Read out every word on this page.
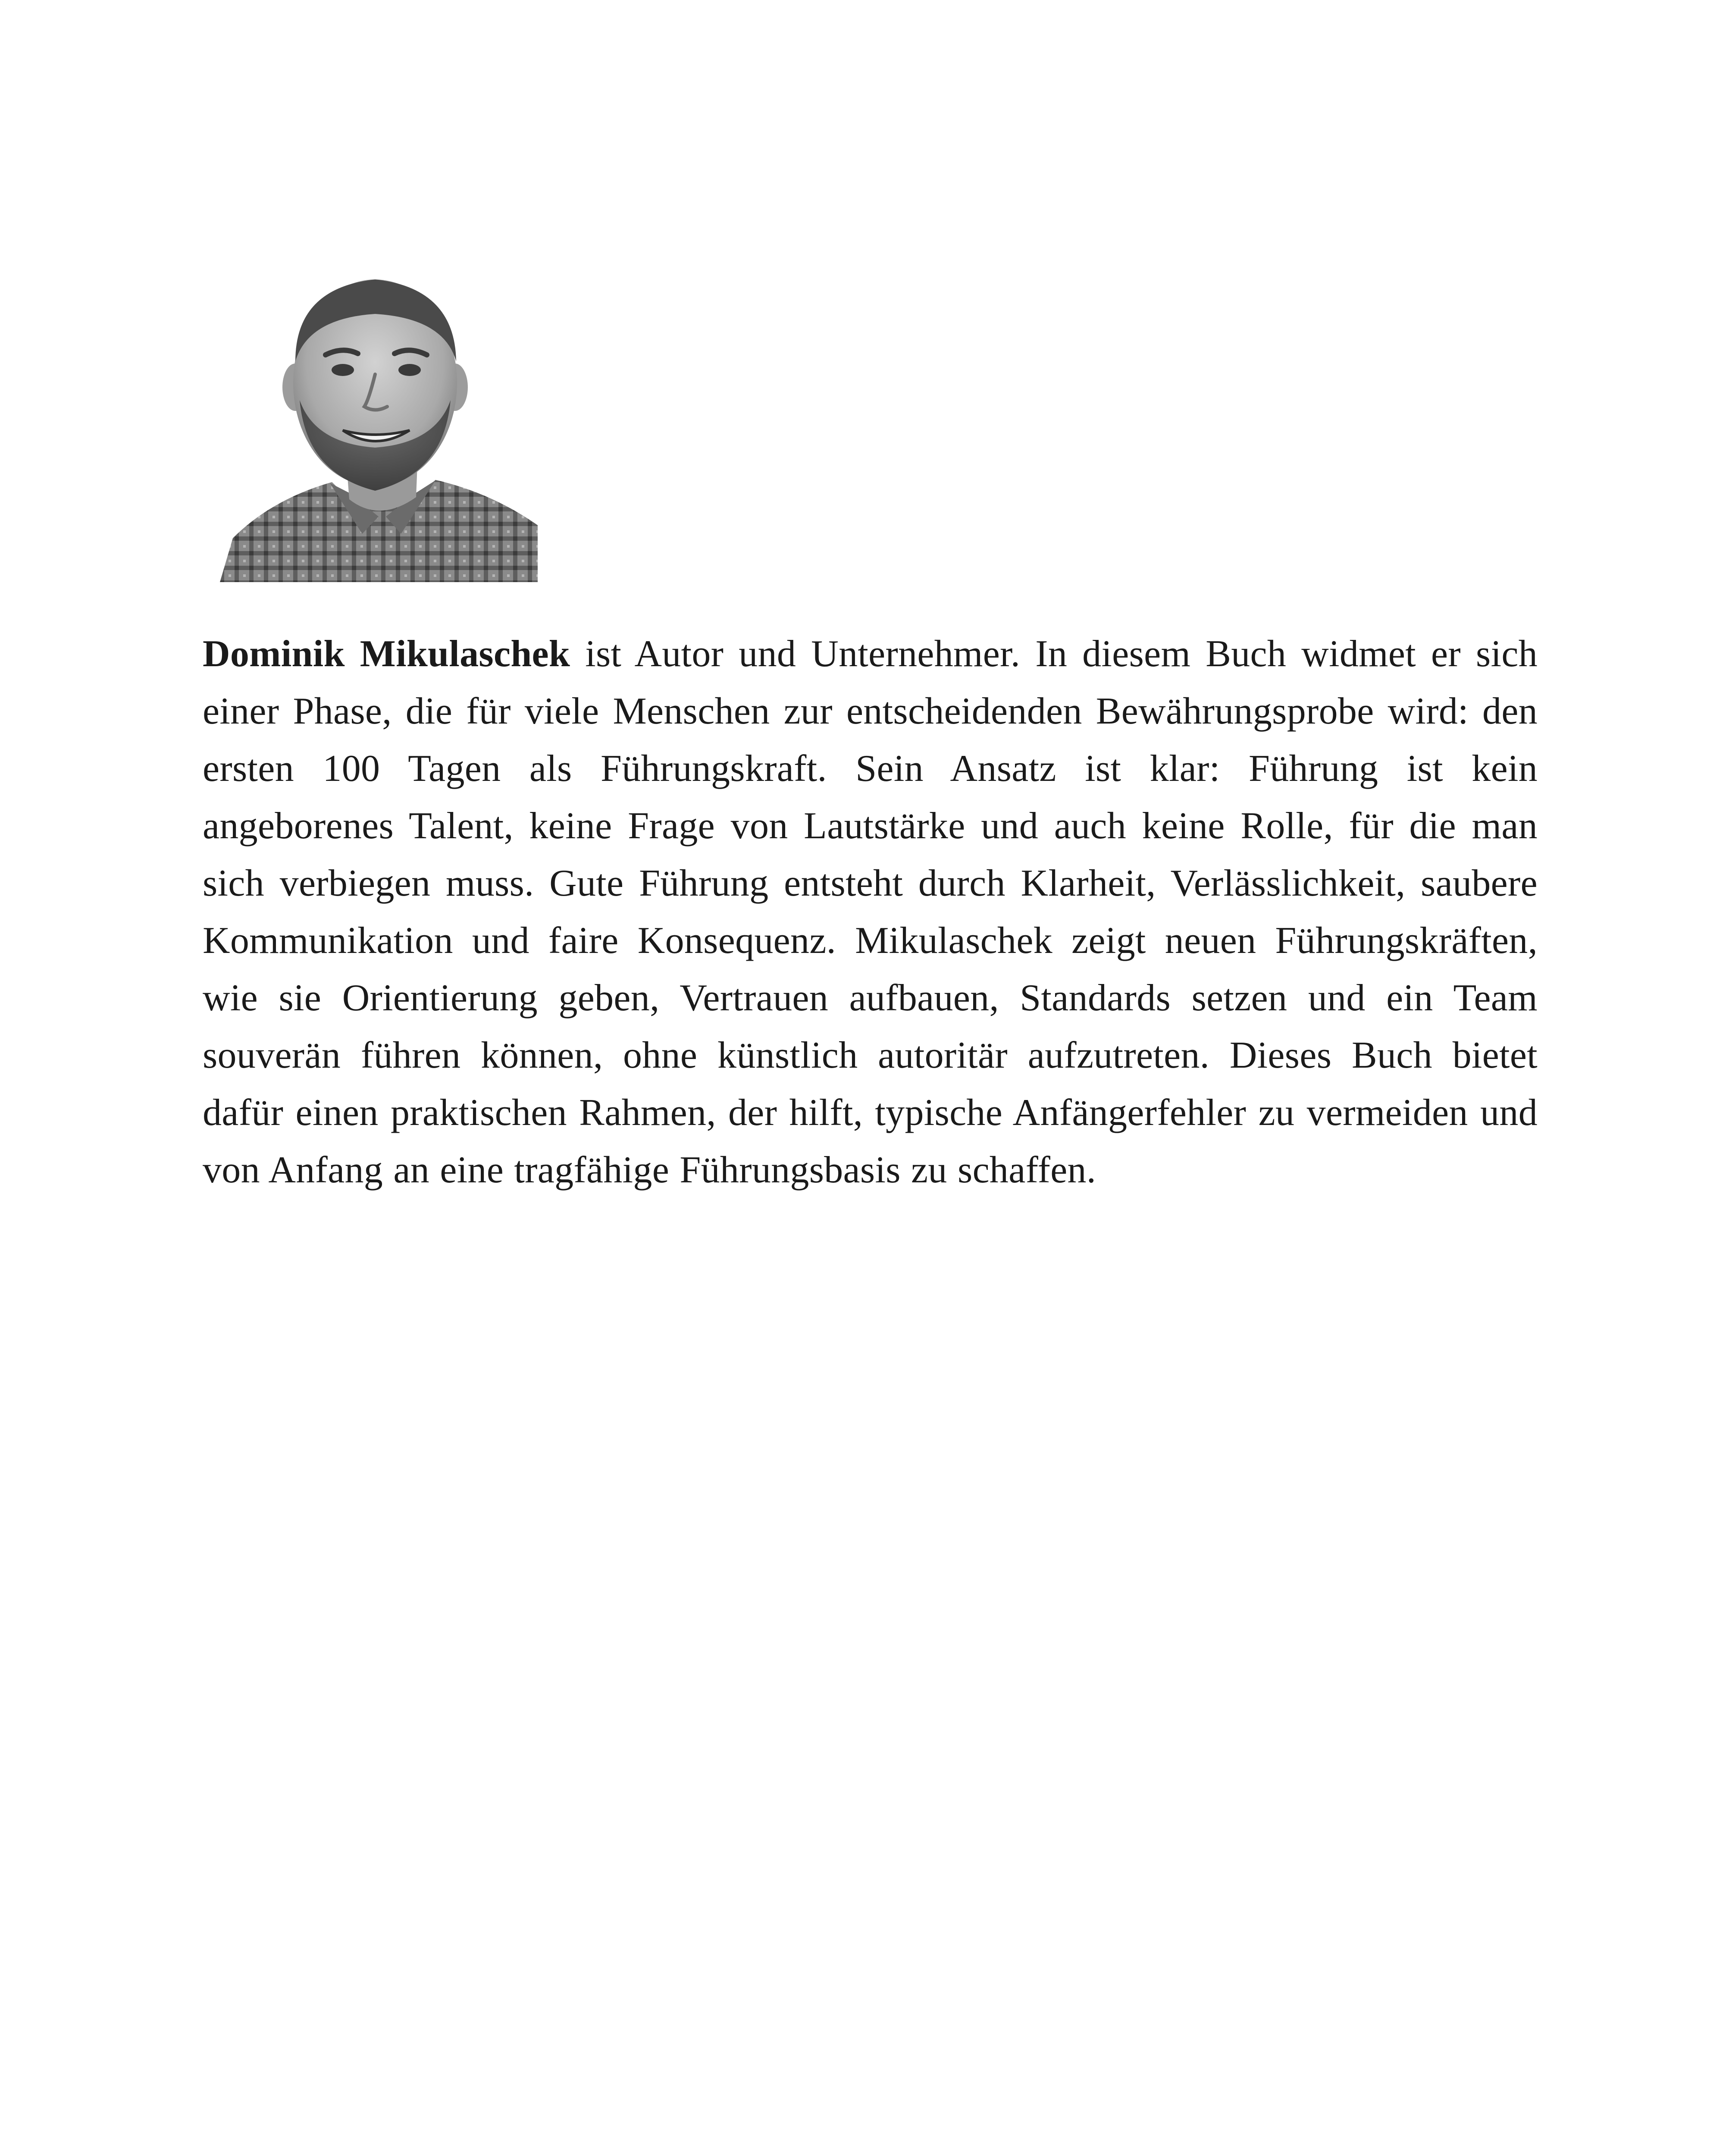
Dominik Mikulaschek ist Autor und Unternehmer. In diesem Buch widmet er sich einer Phase, die für viele Menschen zur entscheidenden Bewährungsprobe wird: den ersten 100 Tagen als Führungskraft. Sein Ansatz ist klar: Führung ist kein angeborenes Talent, keine Frage von Lautstärke und auch keine Rolle, für die man sich verbiegen muss. Gute Führung entsteht durch Klarheit, Verlässlichkeit, saubere Kommunikation und faire Konsequenz. Mikulaschek zeigt neuen Führungskräften, wie sie Orientierung geben, Vertrauen aufbauen, Standards setzen und ein Team souverän führen können, ohne künstlich autoritär aufzutreten. Dieses Buch bietet dafür einen praktischen Rahmen, der hilft, typische Anfängerfehler zu vermeiden und von Anfang an eine tragfähige Führungsbasis zu schaffen.
